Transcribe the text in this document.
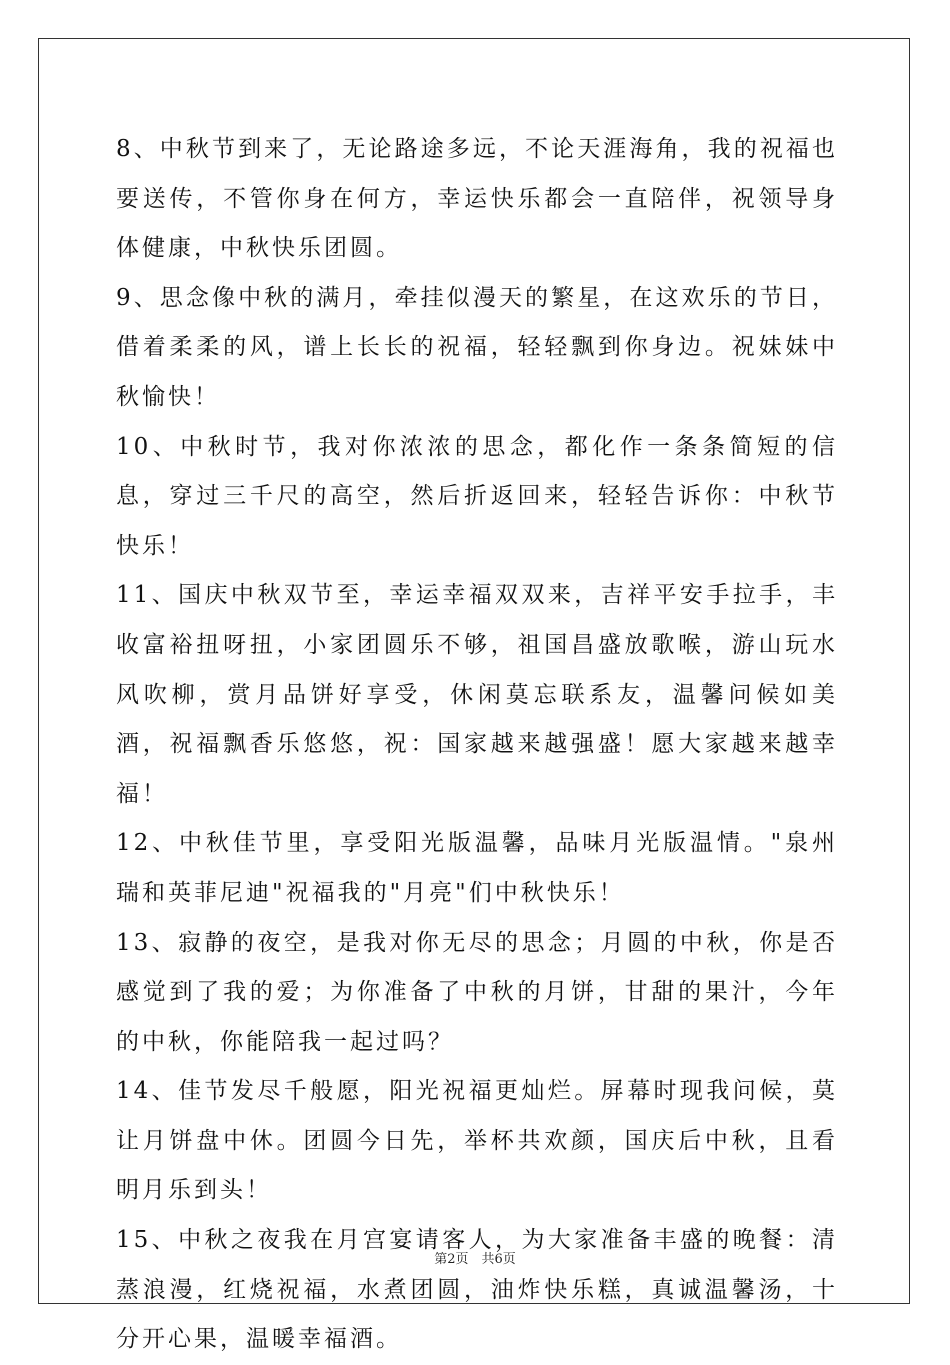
8、中秋节到来了，无论路途多远，不论天涯海角，我的祝福也要送传，不管你身在何方，幸运快乐都会一直陪伴，祝领导身体健康，中秋快乐团圆。

9、思念像中秋的满月，牵挂似漫天的繁星，在这欢乐的节日，借着柔柔的风，谱上长长的祝福，轻轻飘到你身边。祝妹妹中秋愉快！

10、中秋时节，我对你浓浓的思念，都化作一条条简短的信息，穿过三千尺的高空，然后折返回来，轻轻告诉你：中秋节快乐！

11、国庆中秋双节至，幸运幸福双双来，吉祥平安手拉手，丰收富裕扭呀扭，小家团圆乐不够，祖国昌盛放歌喉，游山玩水风吹柳，赏月品饼好享受，休闲莫忘联系友，温馨问候如美酒，祝福飘香乐悠悠，祝：国家越来越强盛！愿大家越来越幸福！

12、中秋佳节里，享受阳光版温馨，品味月光版温情。"泉州瑞和英菲尼迪"祝福我的"月亮"们中秋快乐！

13、寂静的夜空，是我对你无尽的思念；月圆的中秋，你是否感觉到了我的爱；为你准备了中秋的月饼，甘甜的果汁，今年的中秋，你能陪我一起过吗？

14、佳节发尽千般愿，阳光祝福更灿烂。屏幕时现我问候，莫让月饼盘中休。团圆今日先，举杯共欢颜，国庆后中秋，且看明月乐到头！

15、中秋之夜我在月宫宴请客人，为大家准备丰盛的晚餐：清蒸浪漫，红烧祝福，水煮团圆，油炸快乐糕，真诚温馨汤，十分开心果，温暖幸福酒。

第2页　共6页
